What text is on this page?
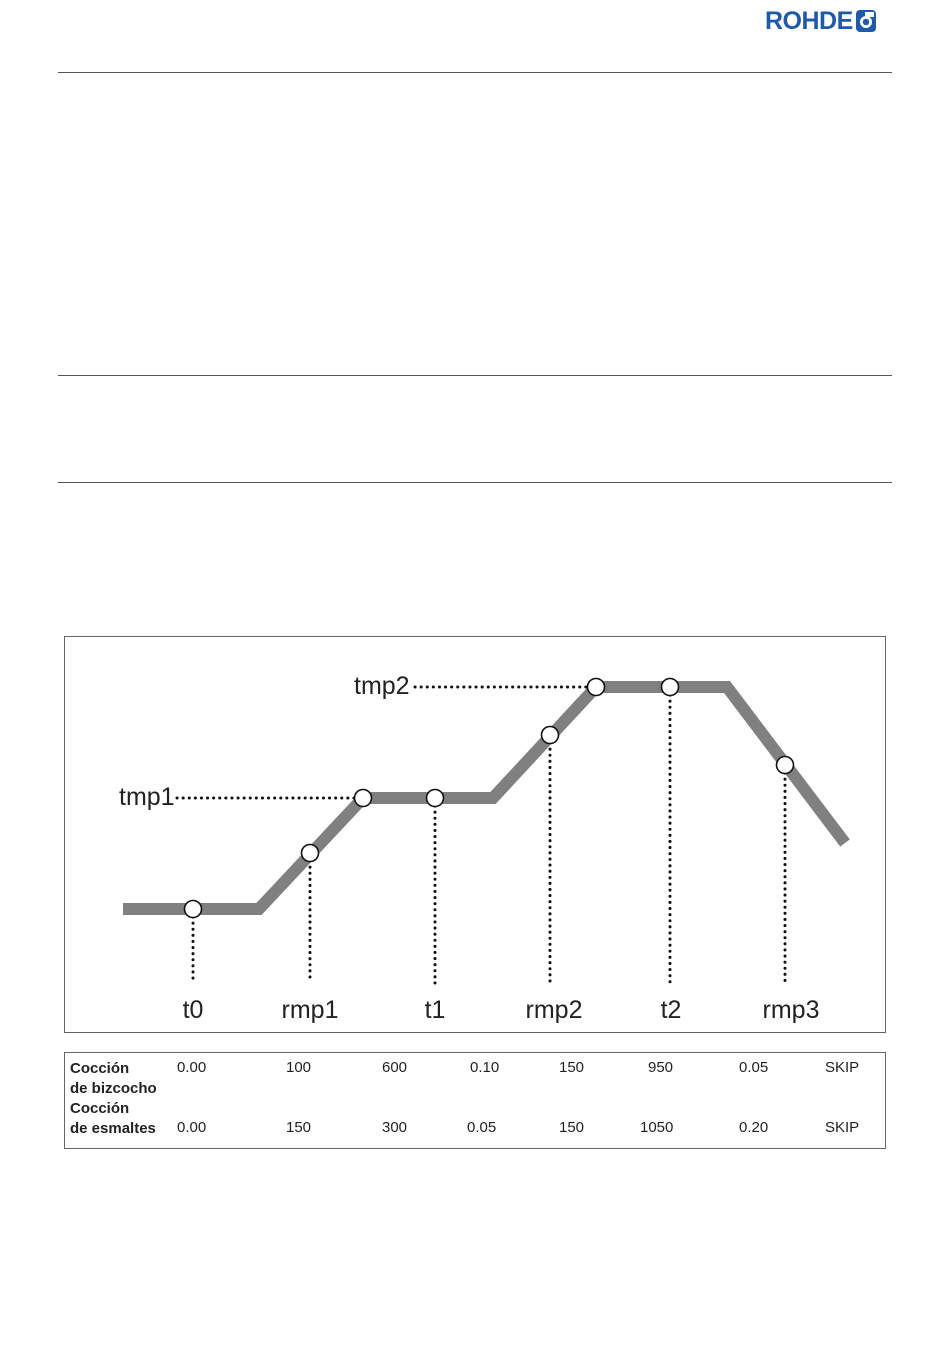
ROHDE
tmp1
tmp2
t0	rmp1	t1	rmp2	t2	rmp3
Cocción
de bizcocho
0.00	100	600	0.10	150	950	0.05	SKIP
Cocción
de esmaltes 0.00	150	300	0.05	150	1050	0.20	SKIP
